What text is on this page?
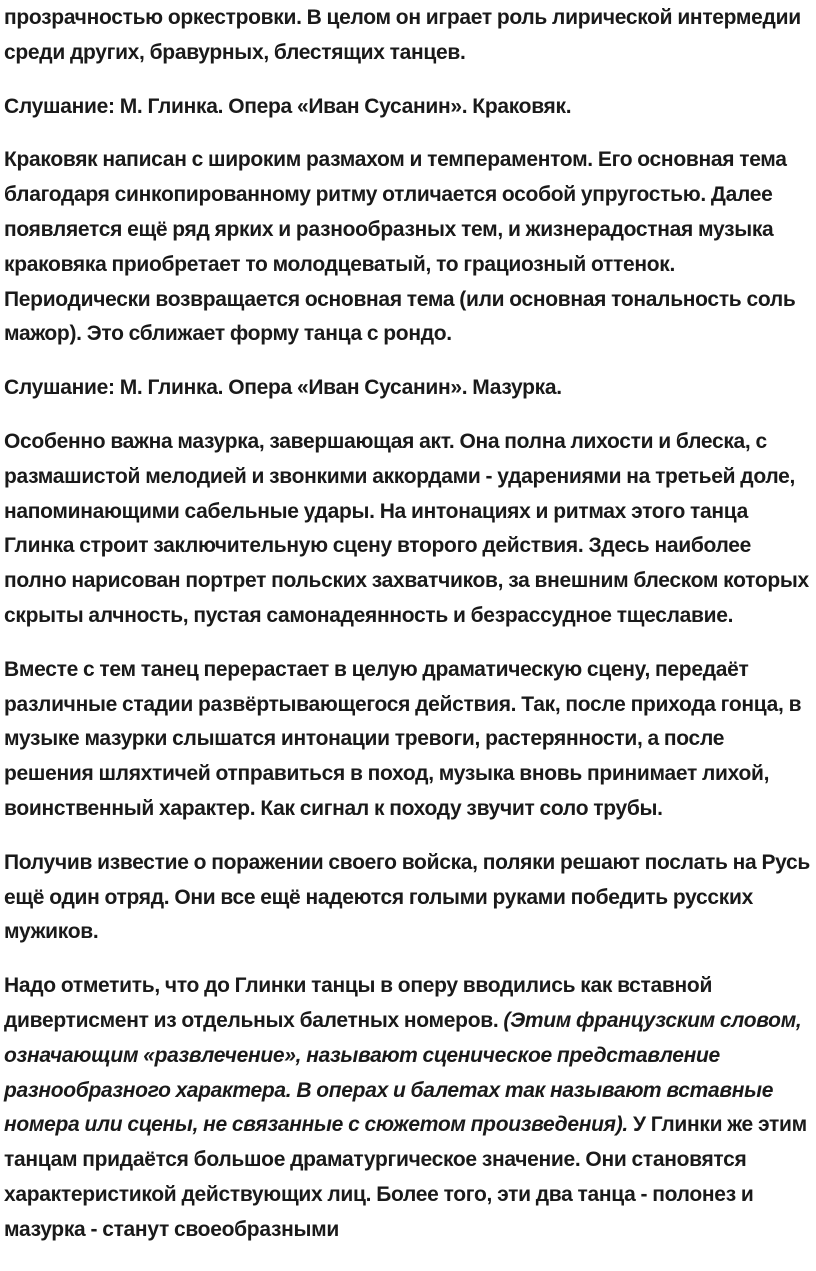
прозрачностью оркестровки. В целом он играет роль лирической интермедии среди других, бравурных, блестящих танцев.

Слушание: М. Глинка. Опера «Иван Сусанин». Краковяк.

Краковяк написан с широким размахом и темпераментом. Его основная тема благодаря синкопированному ритму отличается особой упругостью. Далее появляется ещё ряд ярких и разнообразных тем, и жизнерадостная музыка краковяка приобретает то молодцеватый, то грациозный оттенок. Периодически возвращается основная тема (или основная тональность соль мажор). Это сближает форму танца с рондо.

Слушание: М. Глинка. Опера «Иван Сусанин». Мазурка.

Особенно важна мазурка, завершающая акт. Она полна лихости и блеска, с размашистой мелодией и звонкими аккордами - ударениями на третьей доле, напоминающими сабельные удары. На интонациях и ритмах этого танца Глинка строит заключительную сцену второго действия. Здесь наиболее полно нарисован портрет польских захватчиков, за внешним блеском которых скрыты алчность, пустая самонадеянность и безрассудное тщеславие.

Вместе с тем танец перерастает в целую драматическую сцену, передаёт различные стадии развёртывающегося действия. Так, после прихода гонца, в музыке мазурки слышатся интонации тревоги, растерянности, а после решения шляхтичей отправиться в поход, музыка вновь принимает лихой, воинственный характер. Как сигнал к походу звучит соло трубы.

Получив известие о поражении своего войска, поляки решают послать на Русь ещё один отряд. Они все ещё надеются голыми руками победить русских мужиков.

Надо отметить, что до Глинки танцы в оперу вводились как вставной дивертисмент из отдельных балетных номеров. (Этим французским словом, означающим «развлечение», называют сценическое представление разнообразного характера. В операх и балетах так называют вставные номера или сцены, не связанные с сюжетом произведения). У Глинки же этим танцам придаётся большое драматургическое значение. Они становятся характеристикой действующих лиц. Более того, эти два танца - полонез и мазурка - станут своеобразными
